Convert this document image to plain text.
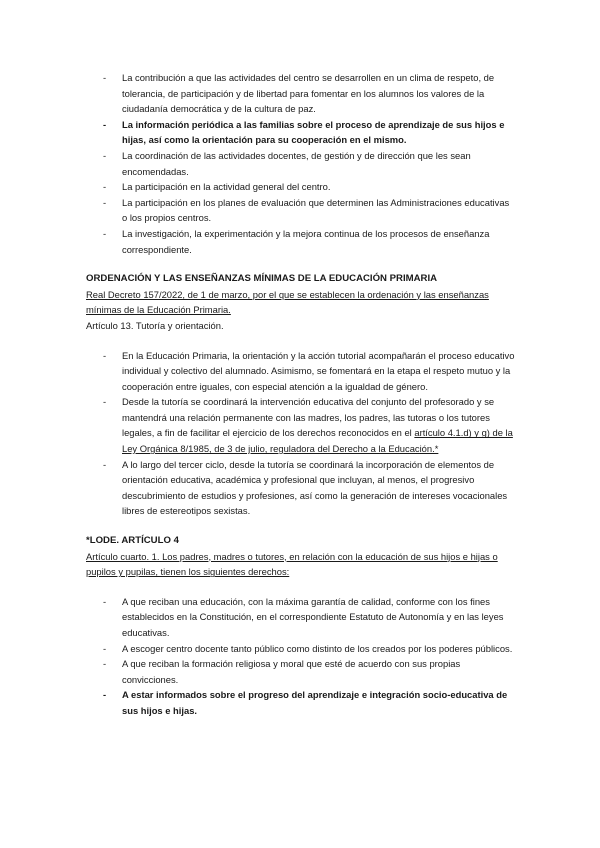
- La contribución a que las actividades del centro se desarrollen en un clima de respeto, de tolerancia, de participación y de libertad para fomentar en los alumnos los valores de la ciudadanía democrática y de la cultura de paz.
- La información periódica a las familias sobre el proceso de aprendizaje de sus hijos e hijas, así como la orientación para su cooperación en el mismo.
- La coordinación de las actividades docentes, de gestión y de dirección que les sean encomendadas.
- La participación en la actividad general del centro.
- La participación en los planes de evaluación que determinen las Administraciones educativas o los propios centros.
- La investigación, la experimentación y la mejora continua de los procesos de enseñanza correspondiente.
ORDENACIÓN Y LAS ENSEÑANZAS MÍNIMAS DE LA EDUCACIÓN PRIMARIA
Real Decreto 157/2022, de 1 de marzo, por el que se establecen la ordenación y las enseñanzas mínimas de la Educación Primaria.
Artículo 13. Tutoría y orientación.
- En la Educación Primaria, la orientación y la acción tutorial acompañarán el proceso educativo individual y colectivo del alumnado. Asimismo, se fomentará en la etapa el respeto mutuo y la cooperación entre iguales, con especial atención a la igualdad de género.
- Desde la tutoría se coordinará la intervención educativa del conjunto del profesorado y se mantendrá una relación permanente con las madres, los padres, las tutoras o los tutores legales, a fin de facilitar el ejercicio de los derechos reconocidos en el artículo 4.1.d) y g) de la Ley Orgánica 8/1985, de 3 de julio, reguladora del Derecho a la Educación.*
- A lo largo del tercer ciclo, desde la tutoría se coordinará la incorporación de elementos de orientación educativa, académica y profesional que incluyan, al menos, el progresivo descubrimiento de estudios y profesiones, así como la generación de intereses vocacionales libres de estereotipos sexistas.
*LODE. ARTÍCULO 4
Artículo cuarto. 1. Los padres, madres o tutores, en relación con la educación de sus hijos e hijas o pupilos y pupilas, tienen los siguientes derechos:
- A que reciban una educación, con la máxima garantía de calidad, conforme con los fines establecidos en la Constitución, en el correspondiente Estatuto de Autonomía y en las leyes educativas.
- A escoger centro docente tanto público como distinto de los creados por los poderes públicos.
- A que reciban la formación religiosa y moral que esté de acuerdo con sus propias convicciones.
- A estar informados sobre el progreso del aprendizaje e integración socio-educativa de sus hijos e hijas.
